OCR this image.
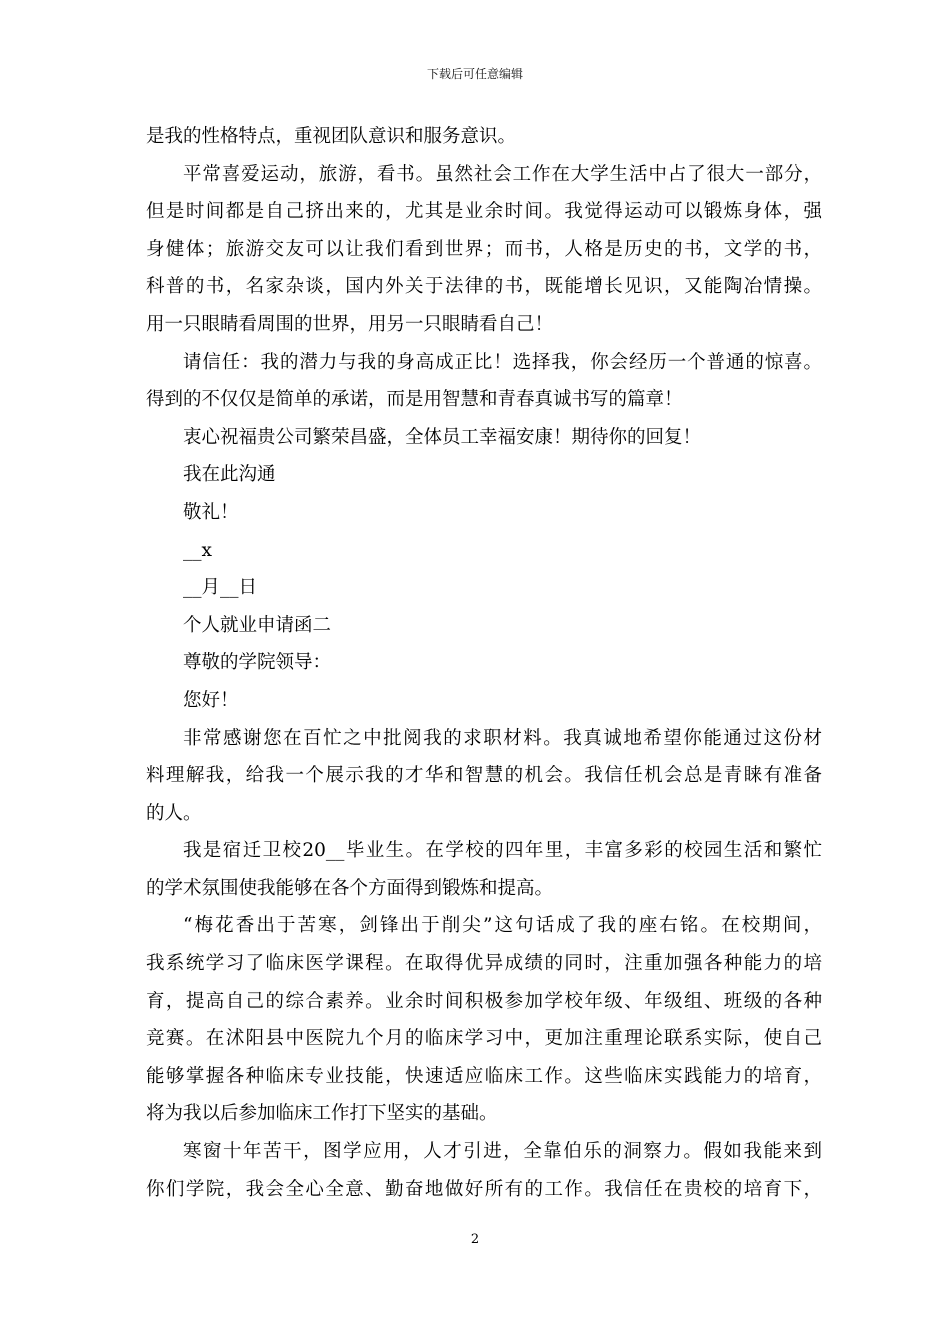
下载后可任意编辑
是我的性格特点，重视团队意识和服务意识。
平常喜爱运动，旅游，看书。虽然社会工作在大学生活中占了很大一部分，
但是时间都是自己挤出来的，尤其是业余时间。我觉得运动可以锻炼身体，强
身健体；旅游交友可以让我们看到世界；而书，人格是历史的书，文学的书，
科普的书，名家杂谈，国内外关于法律的书，既能增长见识，又能陶冶情操。
用一只眼睛看周围的世界，用另一只眼睛看自己！
请信任：我的潜力与我的身高成正比！选择我，你会经历一个普通的惊喜。
得到的不仅仅是简单的承诺，而是用智慧和青春真诚书写的篇章！
衷心祝福贵公司繁荣昌盛，全体员工幸福安康！期待你的回复！
我在此沟通
敬礼！
__x
__月__日
个人就业申请函二
尊敬的学院领导：
您好！
非常感谢您在百忙之中批阅我的求职材料。我真诚地希望你能通过这份材
料理解我，给我一个展示我的才华和智慧的机会。我信任机会总是青睐有准备
的人。
我是宿迁卫校20__毕业生。在学校的四年里，丰富多彩的校园生活和繁忙
的学术氛围使我能够在各个方面得到锻炼和提高。
“梅花香出于苦寒，剑锋出于削尖”这句话成了我的座右铭。在校期间，
我系统学习了临床医学课程。在取得优异成绩的同时，注重加强各种能力的培
育，提高自己的综合素养。业余时间积极参加学校年级、年级组、班级的各种
竞赛。在沭阳县中医院九个月的临床学习中，更加注重理论联系实际，使自己
能够掌握各种临床专业技能，快速适应临床工作。这些临床实践能力的培育，
将为我以后参加临床工作打下坚实的基础。
寒窗十年苦干，图学应用，人才引进，全靠伯乐的洞察力。假如我能来到
你们学院，我会全心全意、勤奋地做好所有的工作。我信任在贵校的培育下，
2
